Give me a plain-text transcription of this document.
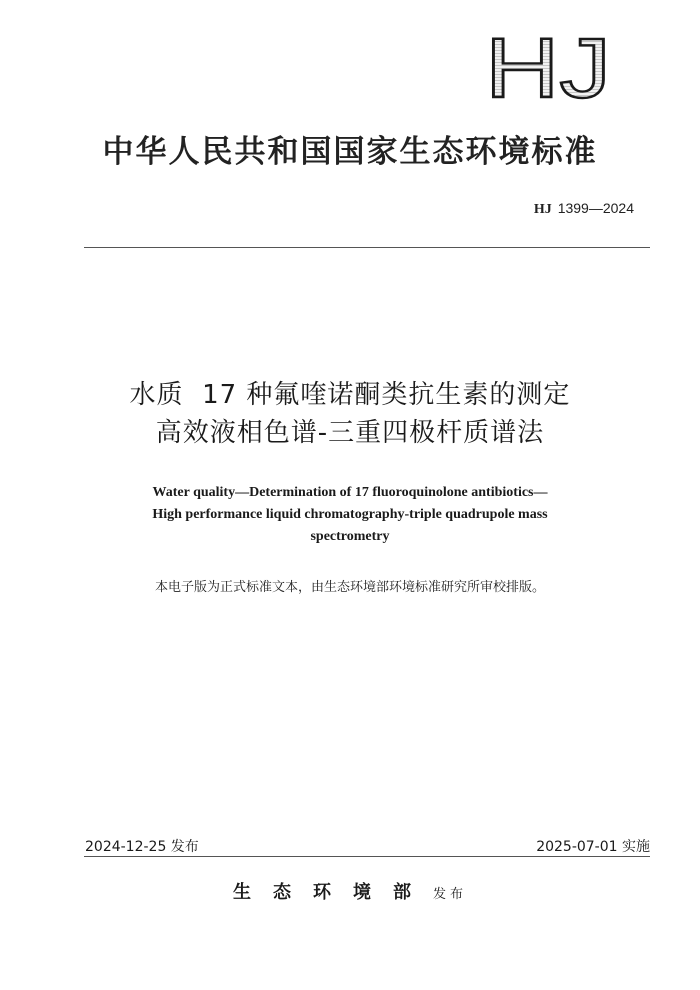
HJ
中华人民共和国国家生态环境标准
HJ 1399—2024
水质  17 种氟喹诺酮类抗生素的测定
高效液相色谱-三重四极杆质谱法
Water quality—Determination of 17 fluoroquinolone antibiotics—
High performance liquid chromatography-triple quadrupole mass
spectrometry
本电子版为正式标准文本，由生态环境部环境标准研究所审校排版。
2024-12-25 发布	2025-07-01 实施
生态环境部发布
